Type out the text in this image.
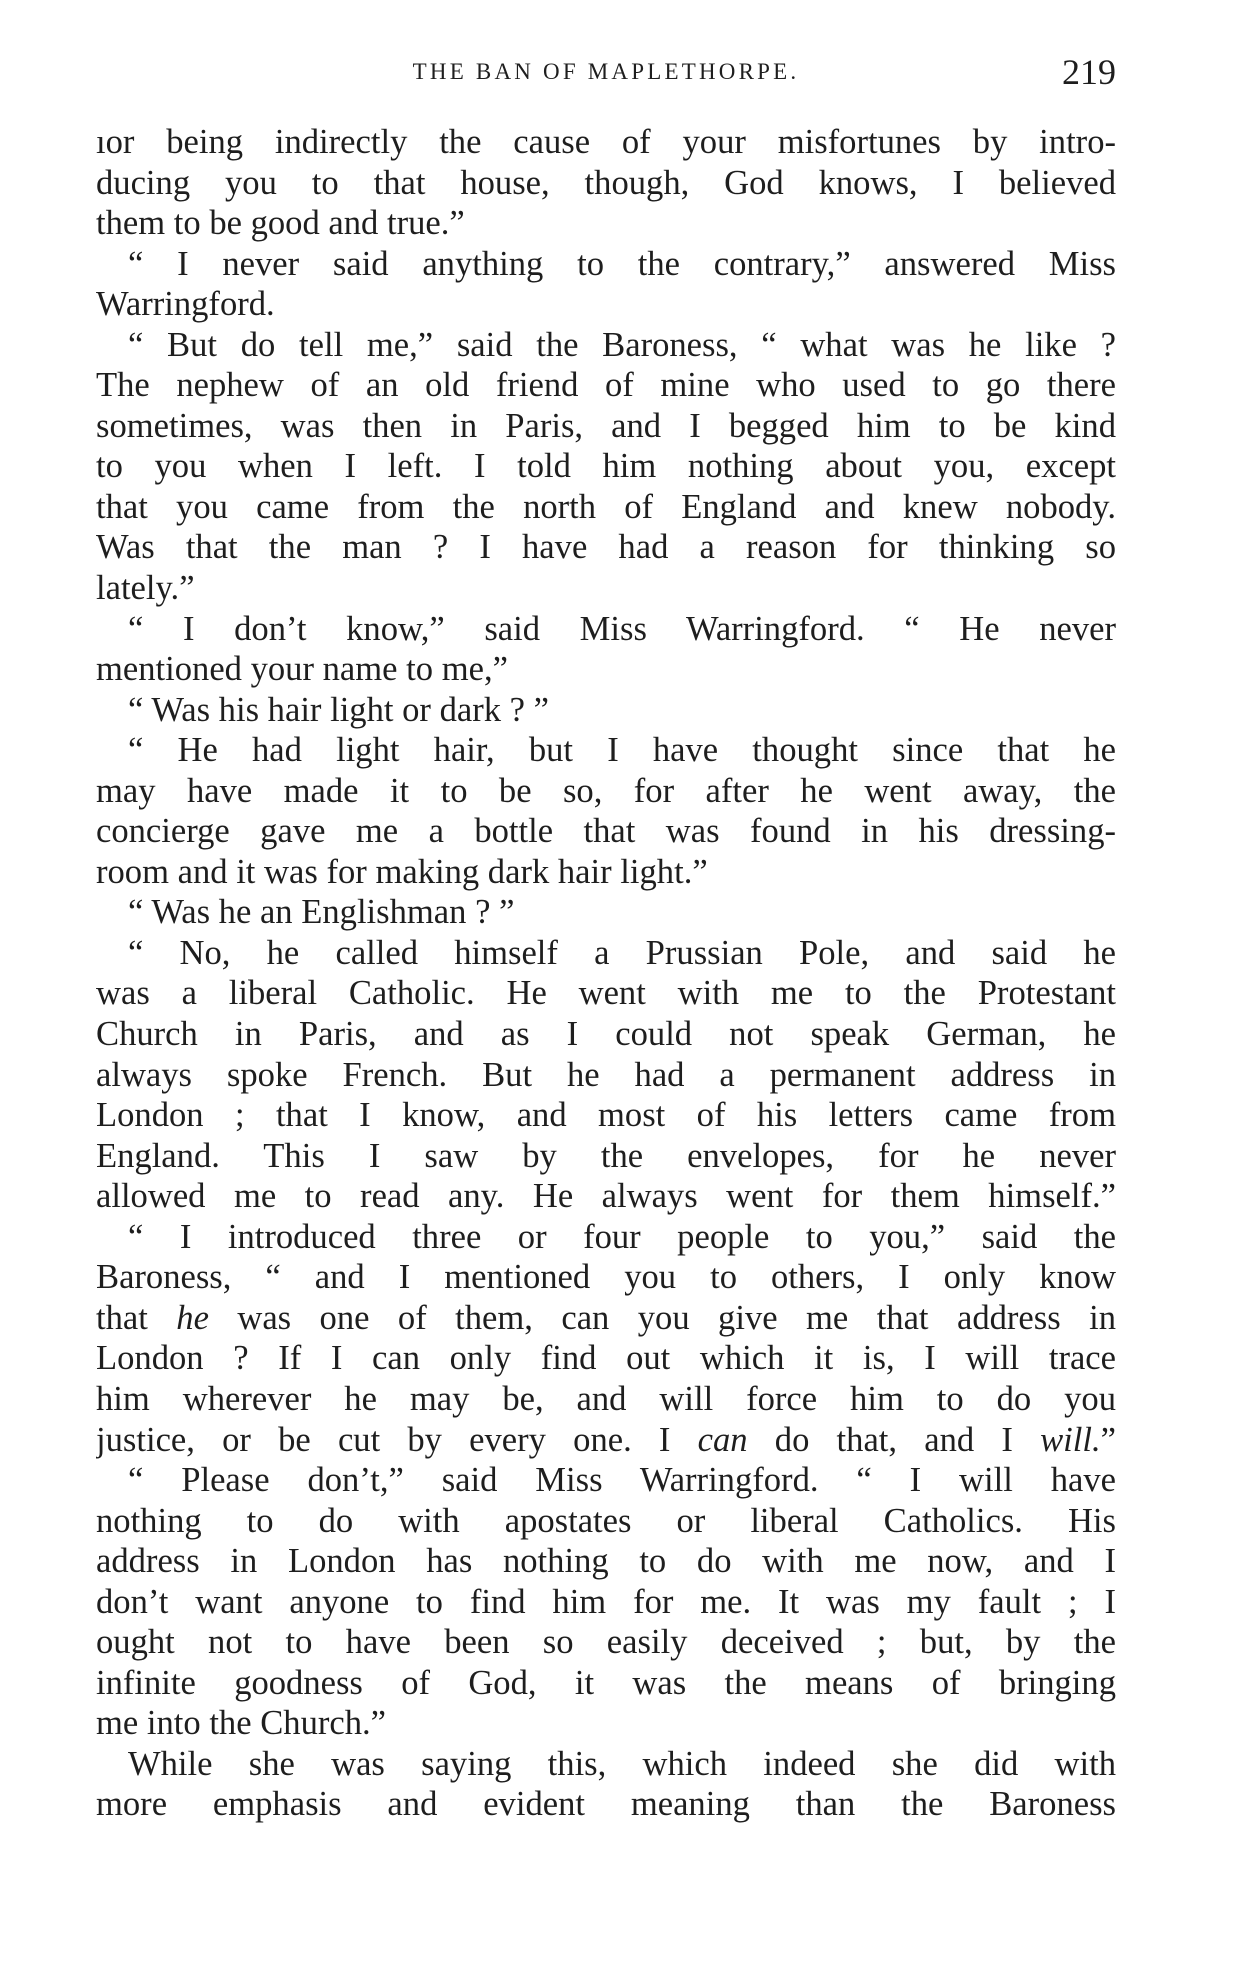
THE BAN OF MAPLETHORPE.	219
ıor being indirectly the cause of your misfortunes by intro-
ducing you to that house, though, God knows, I believed
them to be good and true.”
“ I never said anything to the contrary,” answered Miss
Warringford.
“ But do tell me,” said the Baroness, “ what was he like ?
The nephew of an old friend of mine who used to go there
sometimes, was then in Paris, and I begged him to be kind
to you when I left. I told him nothing about you, except
that you came from the north of England and knew nobody.
Was that the man ? I have had a reason for thinking so
lately.”
“ I don’t know,” said Miss Warringford. “ He never
mentioned your name to me,”
“ Was his hair light or dark ? ”
“ He had light hair, but I have thought since that he
may have made it to be so, for after he went away, the
concierge gave me a bottle that was found in his dressing-
room and it was for making dark hair light.”
“ Was he an Englishman ? ”
“ No, he called himself a Prussian Pole, and said he
was a liberal Catholic. He went with me to the Protestant
Church in Paris, and as I could not speak German, he
always spoke French. But he had a permanent address in
London ; that I know, and most of his letters came from
England. This I saw by the envelopes, for he never
allowed me to read any. He always went for them himself.”
“ I introduced three or four people to you,” said the
Baroness, “ and I mentioned you to others, I only know
that he was one of them, can you give me that address in
London ? If I can only find out which it is, I will trace
him wherever he may be, and will force him to do you
justice, or be cut by every one. I can do that, and I will.”
“ Please don’t,” said Miss Warringford. “ I will have
nothing to do with apostates or liberal Catholics. His
address in London has nothing to do with me now, and I
don’t want anyone to find him for me. It was my fault ; I
ought not to have been so easily deceived ; but, by the
infinite goodness of God, it was the means of bringing
me into the Church.”
While she was saying this, which indeed she did with
more emphasis and evident meaning than the Baroness
